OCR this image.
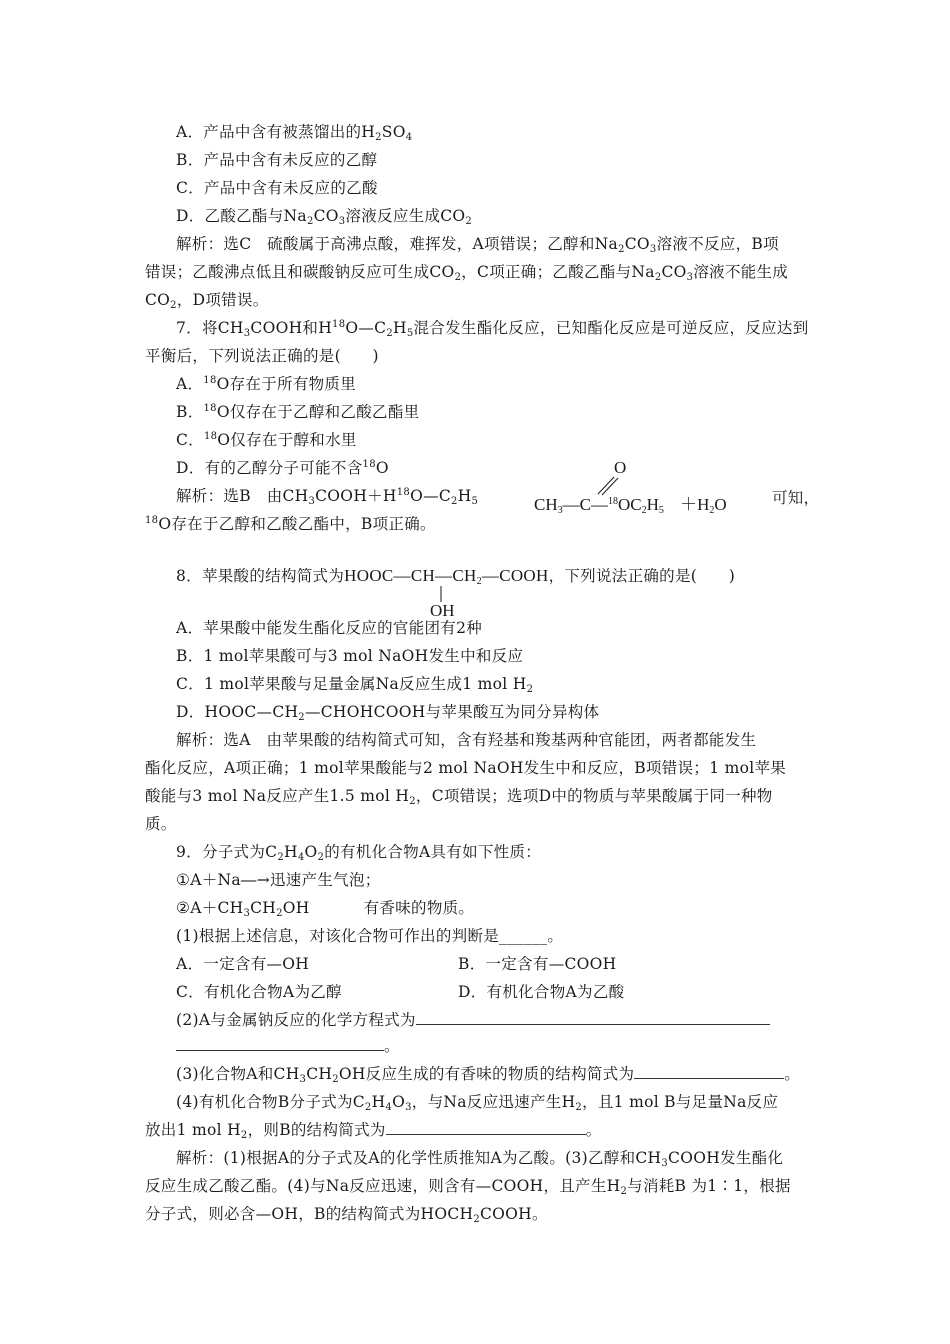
A．产品中含有被蒸馏出的$H_2SO_4$
B．产品中含有未反应的乙醇
C．产品中含有未反应的乙酸
D．乙酸乙酯与$Na_2CO_3$溶液反应生成$CO_2$
解析：选C　硫酸属于高沸点酸，难挥发，A项错误；乙醇和$Na_2CO_3$溶液不反应，B项
错误；乙酸沸点低且和碳酸钠反应可生成$CO_2$，C项正确；乙酸乙酯与$Na_2CO_3$溶液不能生成
$CO_2$，D项错误。
7．将$CH_3COOH$和$H^{18}O—C_2H_5$混合发生酯化反应，已知酯化反应是可逆反应，反应达到
平衡后，下列说法正确的是(　　)
A．$^{18}$O存在于所有物质里
B．$^{18}$O仅存在于乙醇和乙酸乙酯里
C．$^{18}$O仅存在于醇和水里
D．有的乙醇分子可能不含$^{18}$O
解析：选B　由$CH_3COOH+H^{18}O—C_2H_5$	$CH_3—C—^{18}OC_2H_5 +H_2O$
O
可知，
$^{18}$O存在于乙醇和乙酸乙酯中，B项正确。
8．苹果酸的结构简式为$HOOC—CH—CH_2—COOH$，下列说法正确的是(　　)
OH
A．苹果酸中能发生酯化反应的官能团有2种
B．1 mol苹果酸可与3 mol NaOH发生中和反应
C．1 mol苹果酸与足量金属Na反应生成1 mol $H_2$
D．$HOOC—CH_2—CHOHCOOH$与苹果酸互为同分异构体
解析：选A　由苹果酸的结构简式可知，含有羟基和羧基两种官能团，两者都能发生
酯化反应，A项正确；1 mol苹果酸能与2 mol NaOH发生中和反应，B项错误；1 mol苹果
酸能与3 mol Na反应产生1.5 mol $H_2$，C项错误；选项D中的物质与苹果酸属于同一种物
质。
9．分子式为$C_2H_4O_2$的有机化合物A具有如下性质：
①A＋Na―→迅速产生气泡；
$②A+CH_3CH_2OH$	有香味的物质。
(1)根据上述信息，对该化合物可作出的判断是______。
A．一定含有—OH	B．一定含有—COOH
C．有机化合物A为乙醇	D．有机化合物A为乙酸
(2)A与金属钠反应的化学方程式为
。
(3)化合物A和$CH_3CH_2OH$反应生成的有香味的物质的结构简式为	。
(4)有机化合物B分子式为$C_2H_4O_3$，与Na反应迅速产生$H_2$，且1 mol B与足量Na反应
放出1 mol $H_2$，则B的结构简式为	。
解析：(1)根据A的分子式及A的化学性质推知A为乙酸。(3)乙醇和$CH_3COOH$发生酯化
反应生成乙酸乙酯。(4)与Na反应迅速，则含有—COOH，且产生$H_2$与消耗B 为1∶1，根据
分子式，则必含—OH，B的结构简式为$HOCH_2COOH$。
